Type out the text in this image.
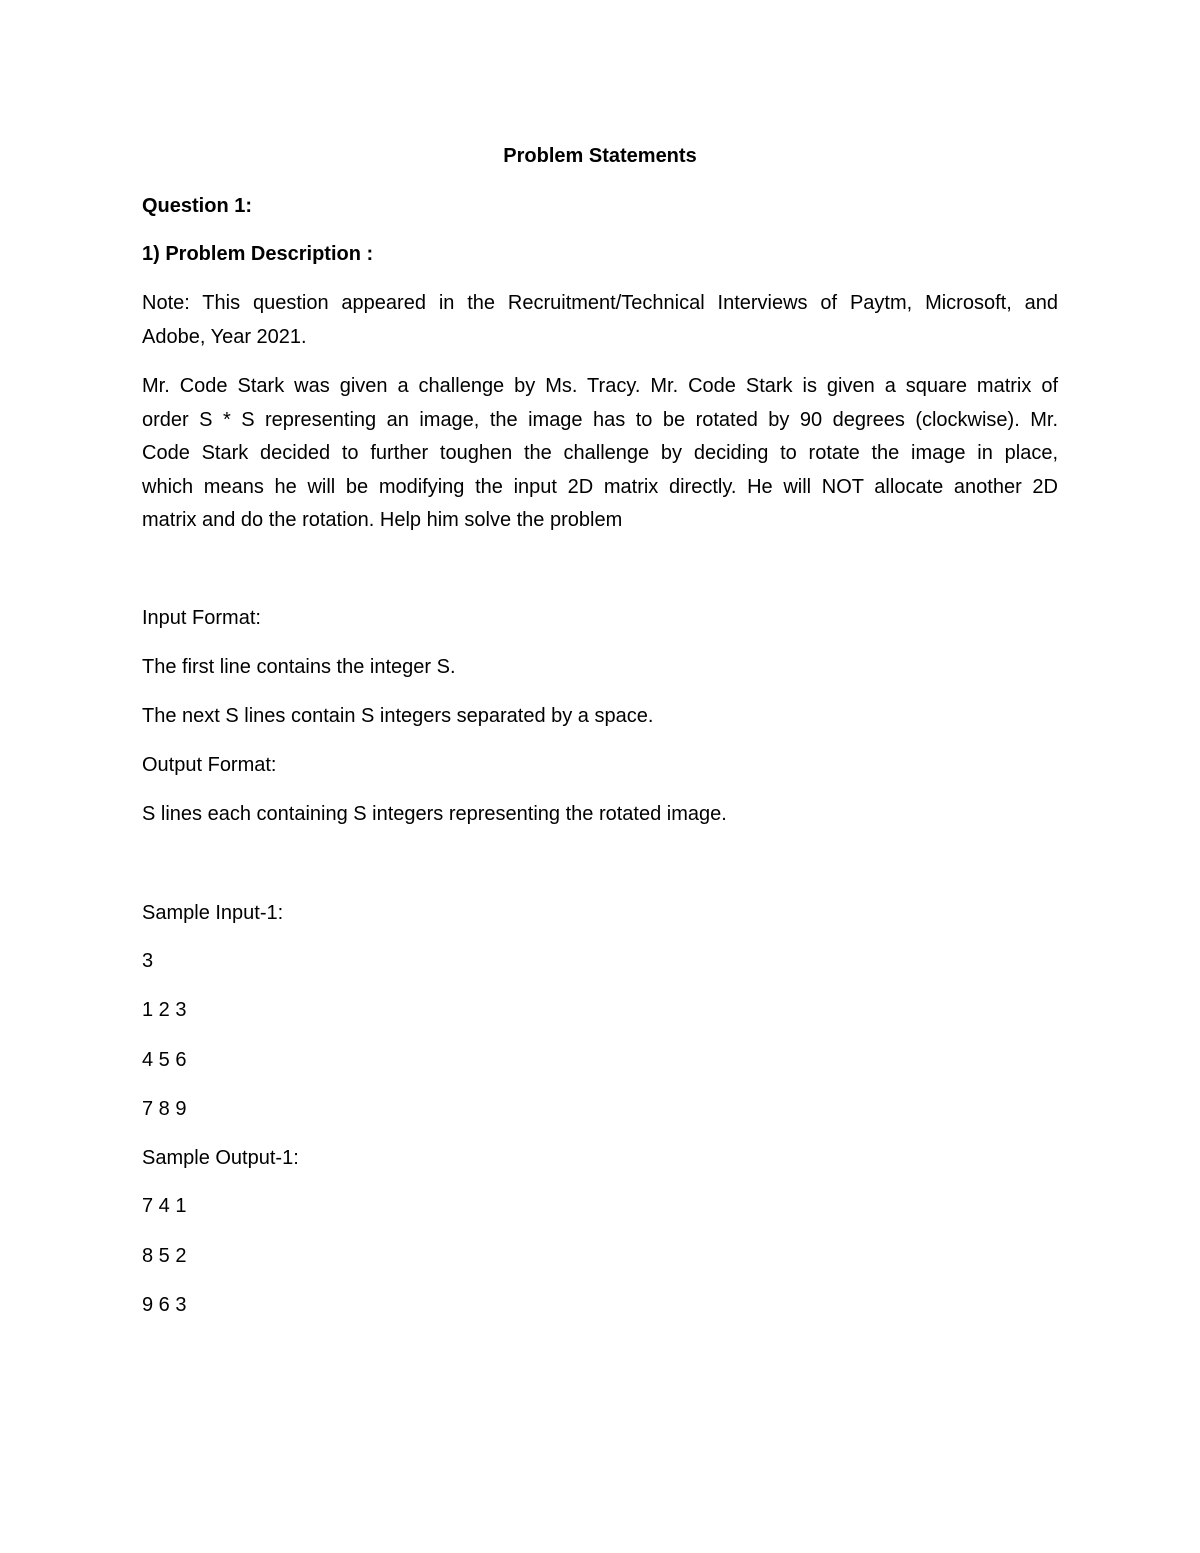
Problem Statements
Question 1:
1) Problem Description :
Note: This question appeared in the Recruitment/Technical Interviews of Paytm, Microsoft, and
Adobe, Year 2021.
Mr. Code Stark was given a challenge by Ms. Tracy. Mr. Code Stark is given a square matrix of
order S * S representing an image, the image has to be rotated by 90 degrees (clockwise). Mr.
Code Stark decided to further toughen the challenge by deciding to rotate the image in place,
which means he will be modifying the input 2D matrix directly. He will NOT allocate another 2D
matrix and do the rotation. Help him solve the problem
Input Format:
The first line contains the integer S.
The next S lines contain S integers separated by a space.
Output Format:
S lines each containing S integers representing the rotated image.
Sample Input-1:
3
1 2 3
4 5 6
7 8 9
Sample Output-1:
7 4 1
8 5 2
9 6 3
